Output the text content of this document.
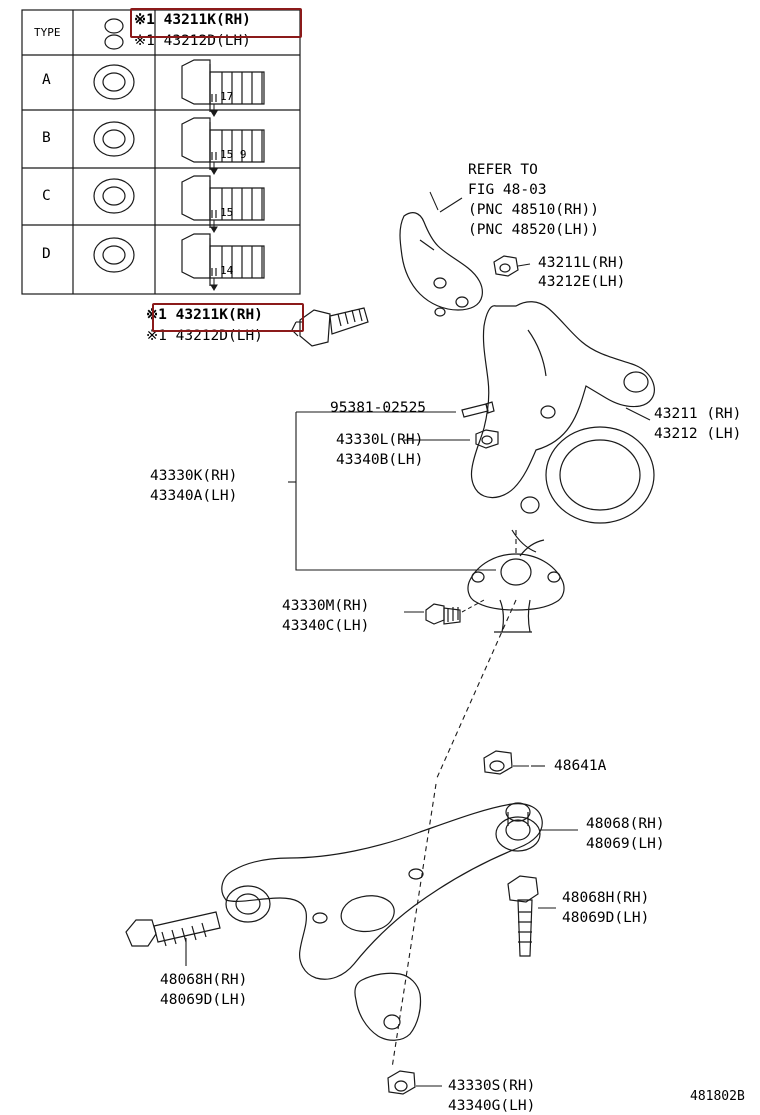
TYPE
※1 43211K(RH)
※1 43212D(LH)
A
B
C
D
17
15 9
15
14
※1 43211K(RH)
※1 43212D(LH)
REFER TO
FIG 48-03
(PNC 48510(RH))
(PNC 48520(LH))
43211L(RH)
43212E(LH)
43211 (RH)
43212 (LH)
95381-02525
43330L(RH)
43340B(LH)
43330K(RH)
43340A(LH)
43330M(RH)
43340C(LH)
48641A
48068(RH)
48069(LH)
48068H(RH)
48069D(LH)
48068H(RH)
48069D(LH)
43330S(RH)
43340G(LH)
481802B
